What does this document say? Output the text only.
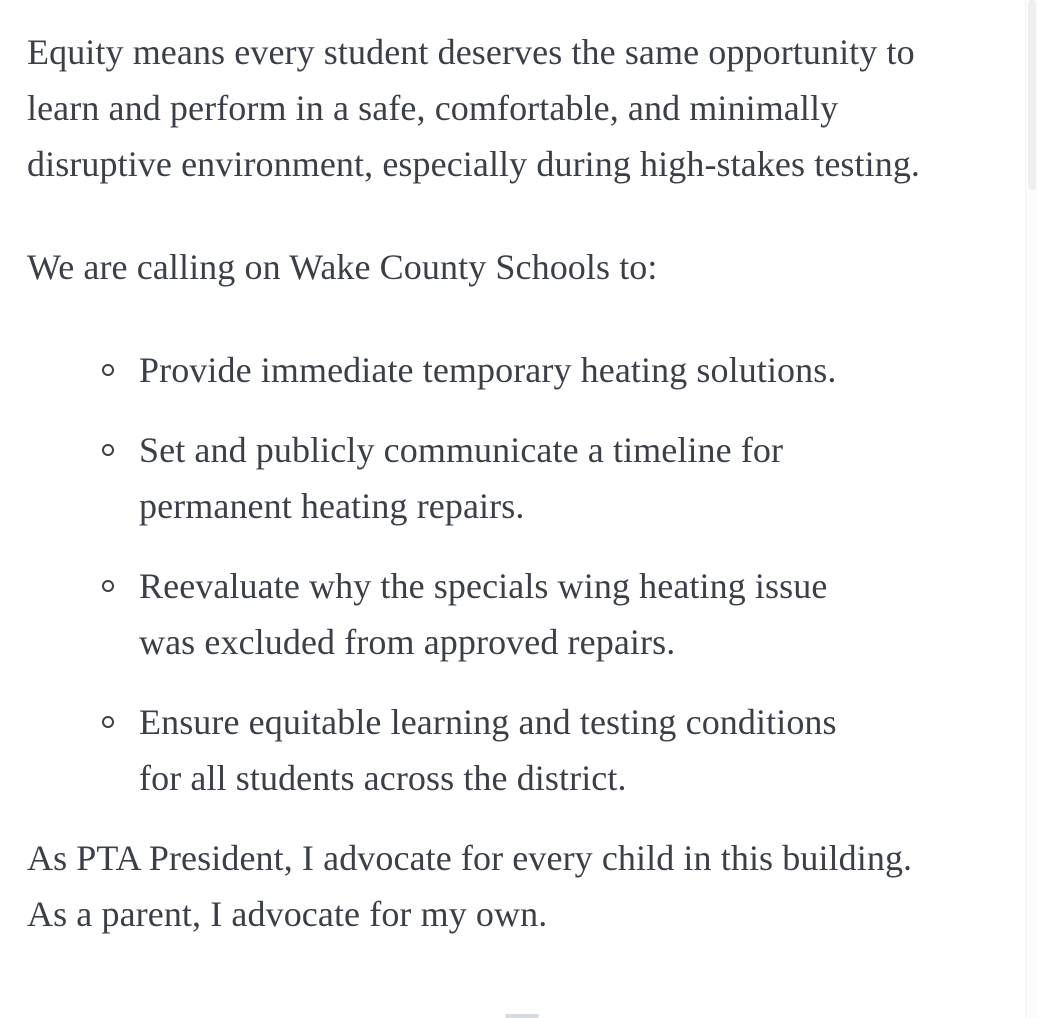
Equity means every student deserves the same opportunity to
learn and perform in a safe, comfortable, and minimally
disruptive environment, especially during high-stakes testing.
We are calling on Wake County Schools to:
Provide immediate temporary heating solutions.
Set and publicly communicate a timeline for
permanent heating repairs.
Reevaluate why the specials wing heating issue
was excluded from approved repairs.
Ensure equitable learning and testing conditions
for all students across the district.
As PTA President, I advocate for every child in this building.
As a parent, I advocate for my own.
